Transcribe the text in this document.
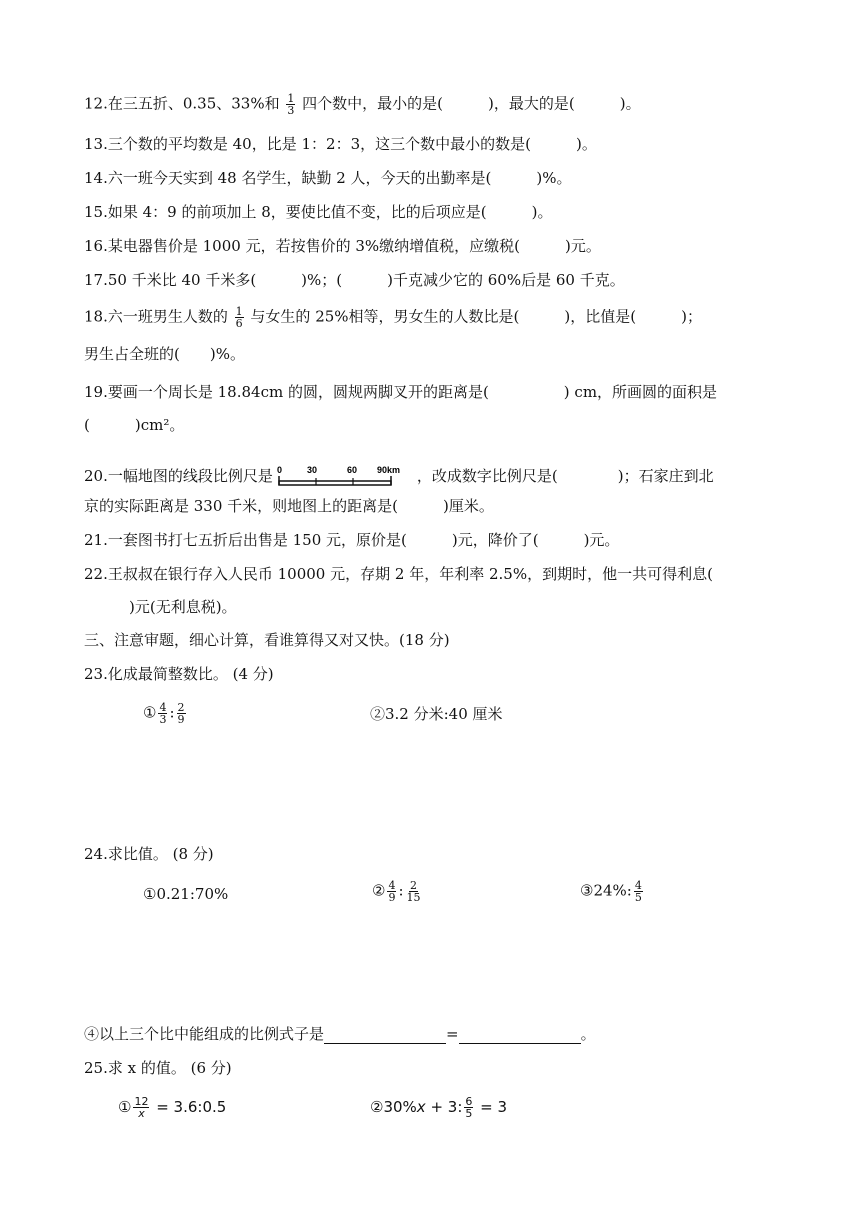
12.在三五折、0.35、33%和 $\frac{1}{3}$ 四个数中，最小的是(　　　)，最大的是(　　　)。
13.三个数的平均数是 40，比是 1：2：3，这三个数中最小的数是(　　　)。
14.六一班今天实到 48 名学生，缺勤 2 人，今天的出勤率是(　　　)%。
15.如果 4：9 的前项加上 8，要使比值不变，比的后项应是(　　　)。
16.某电器售价是 1000 元，若按售价的 3%缴纳增值税，应缴税(　　　)元。
17.50 千米比 40 千米多(　　　)%；(　　　)千克减少它的 60%后是 60 千克。
18.六一班男生人数的 $\frac{1}{6}$ 与女生的 25%相等，男女生的人数比是(　　　)，比值是(　　　)；
男生占全班的(　　)%。
19.要画一个周长是 18.84cm 的圆，圆规两脚叉开的距离是(　　　　　) cm，所画圆的面积是
(　　　)cm²。
20.一幅地图的线段比例尺是 0	30	60 90km ，改成数字比例尺是(　　　　)；石家庄到北
京的实际距离是 330 千米，则地图上的距离是(　　　)厘米。
21.一套图书打七五折后出售是 150 元，原价是(　　　)元，降价了(　　　)元。
22.王叔叔在银行存入人民币 10000 元，存期 2 年，年利率 2.5%，到期时，他一共可得利息(
　　　)元(无利息税)。
三、注意审题，细心计算，看谁算得又对又快。(18 分)
23.化成最简整数比。 (4 分)
① $\frac{4}{3}$ : $\frac{2}{9}$	②3.2 分米:40 厘米
24.求比值。 (8 分)
①0.21:70%	② $\frac{4}{9}$ : $\frac{2}{15}$	③24%: $\frac{4}{5}$
④以上三个比中能组成的比例式子是	=	。
25.求 x 的值。 (6 分)
① $\frac{12}{x}$ = 3.6:0.5	②30%x + 3: $\frac{6}{5} = 3$
